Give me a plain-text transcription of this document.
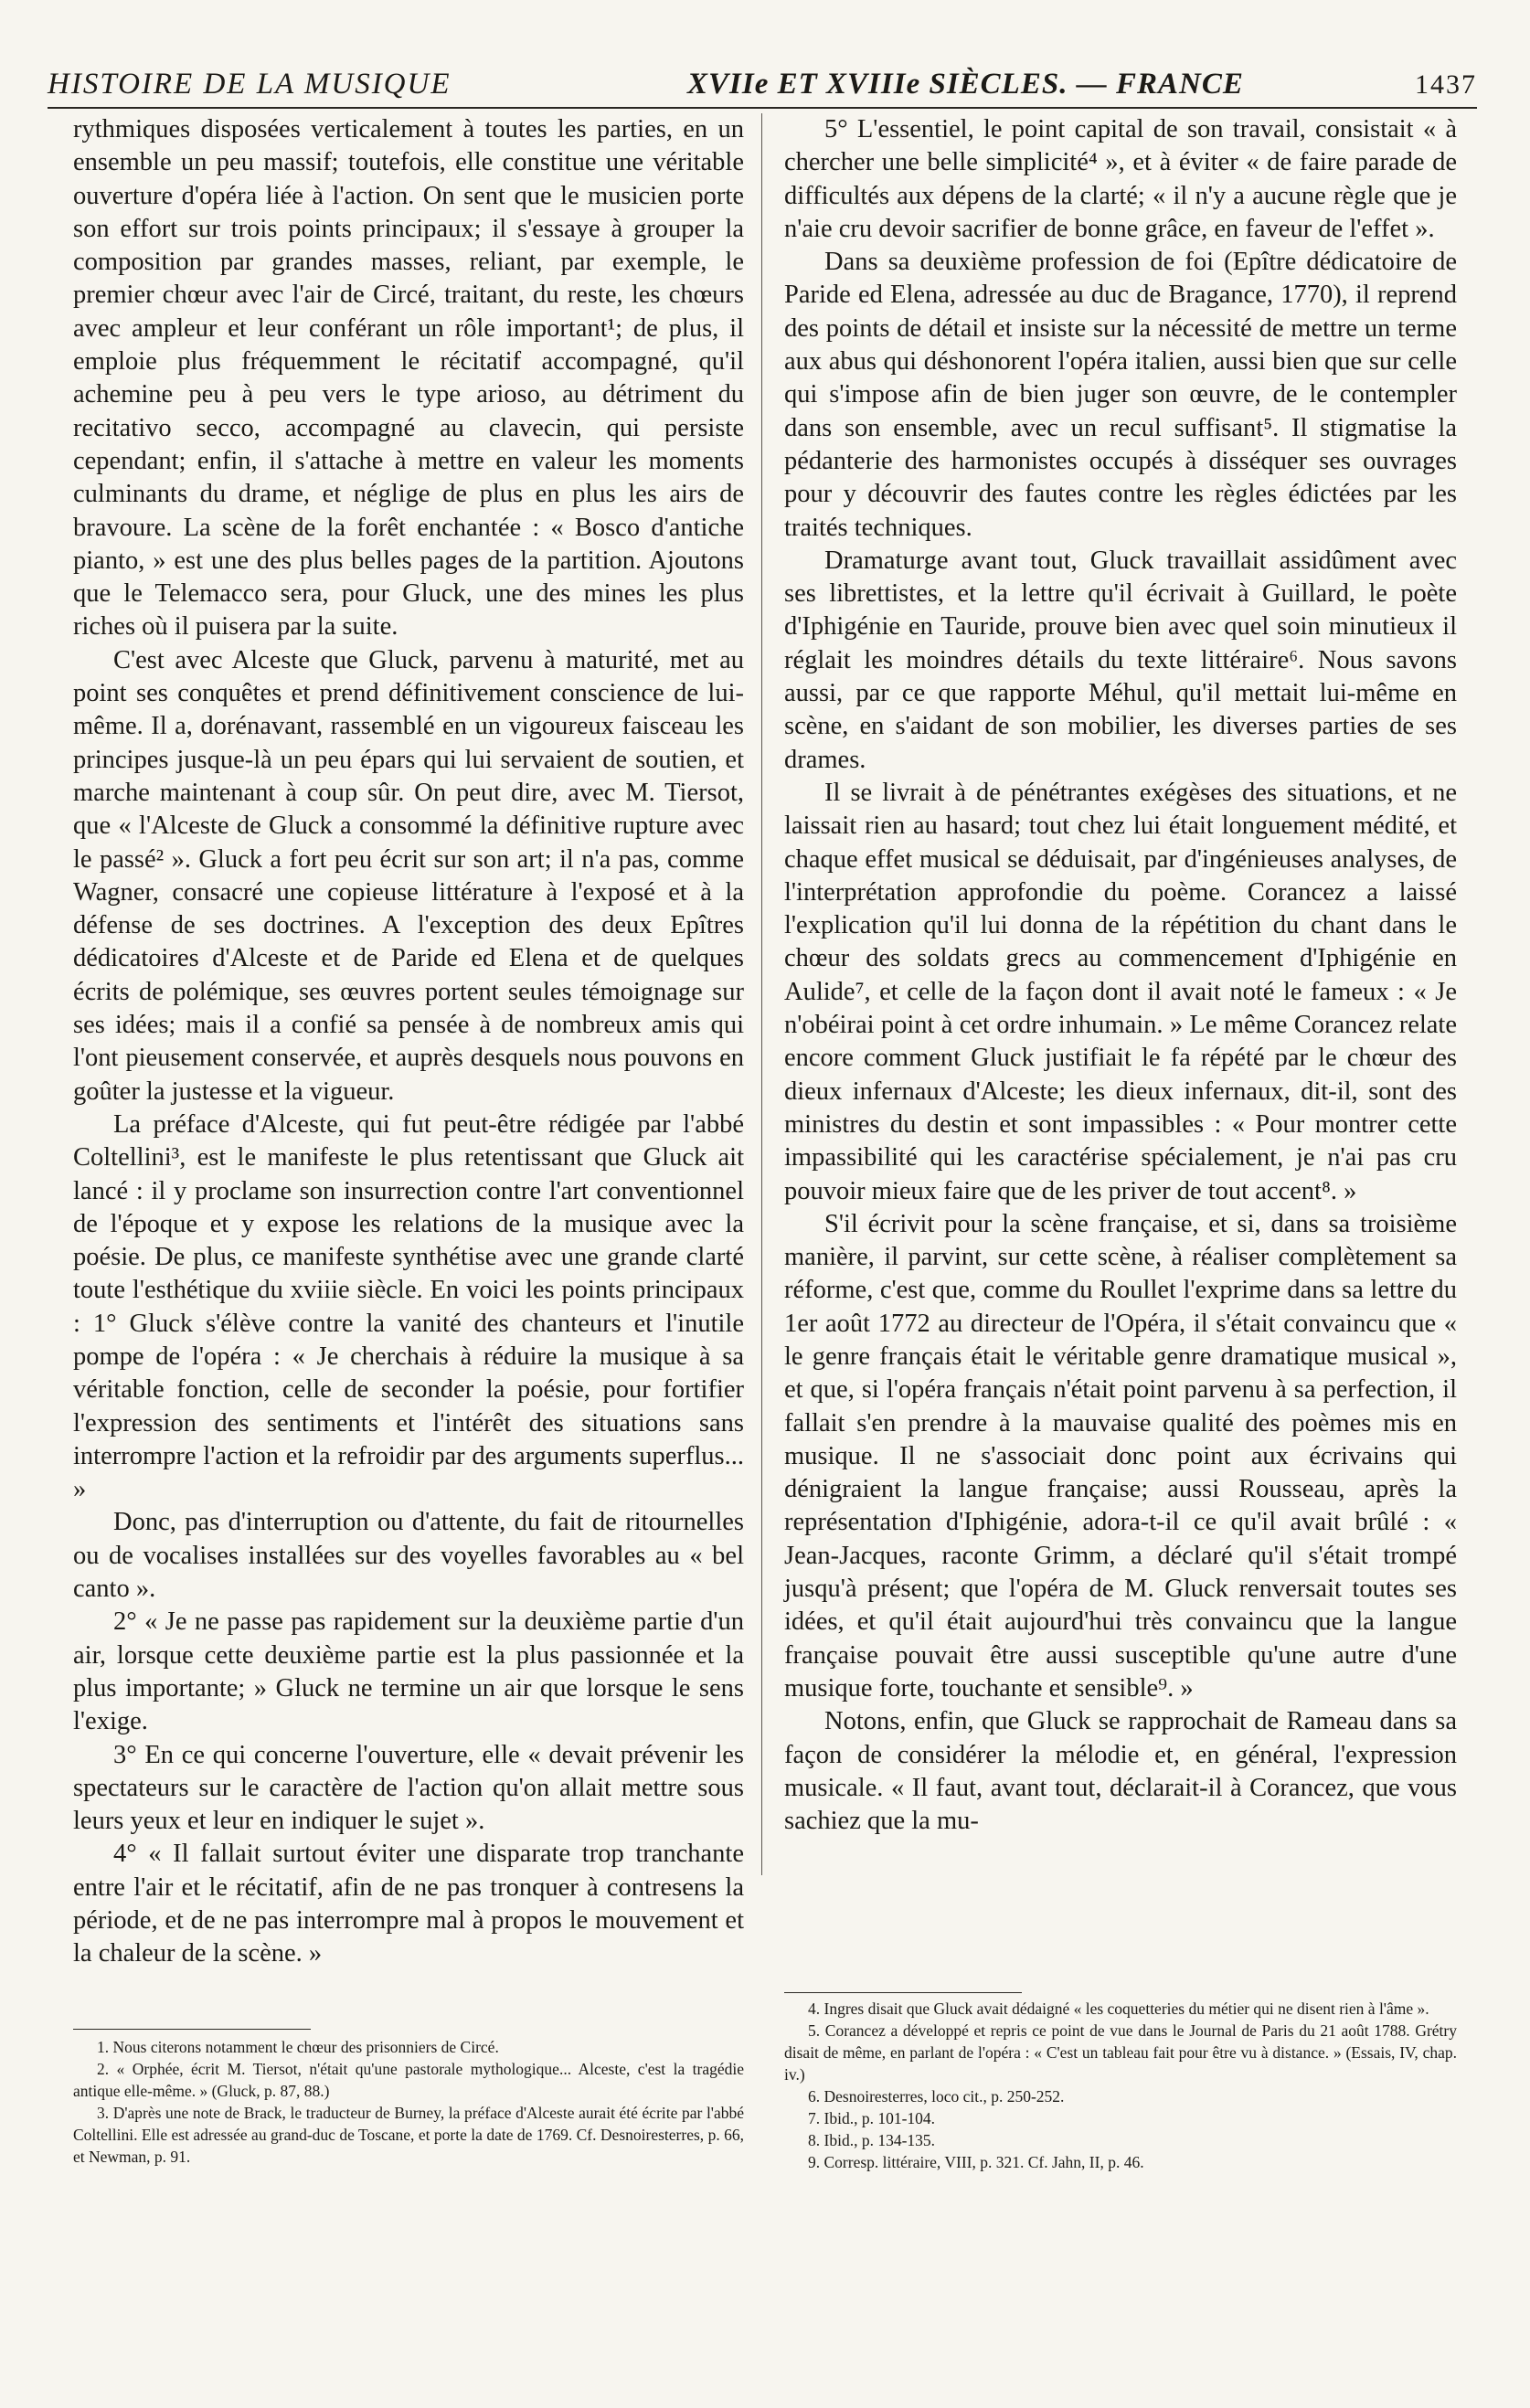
HISTOIRE DE LA MUSIQUE	XVIIe ET XVIIIe SIÈCLES. — FRANCE	1437

rythmiques disposées verticalement à toutes les parties, en un ensemble un peu massif; toutefois, elle constitue une véritable ouverture d'opéra liée à l'action. On sent que le musicien porte son effort sur trois points principaux; il s'essaye à grouper la composition par grandes masses, reliant, par exemple, le premier chœur avec l'air de Circé, traitant, du reste, les chœurs avec ampleur et leur conférant un rôle important¹; de plus, il emploie plus fréquemment le récitatif accompagné, qu'il achemine peu à peu vers le type arioso, au détriment du recitativo secco, accompagné au clavecin, qui persiste cependant; enfin, il s'attache à mettre en valeur les moments culminants du drame, et néglige de plus en plus les airs de bravoure. La scène de la forêt enchantée : « Bosco d'antiche pianto, » est une des plus belles pages de la partition. Ajoutons que le Telemacco sera, pour Gluck, une des mines les plus riches où il puisera par la suite.

C'est avec Alceste que Gluck, parvenu à maturité, met au point ses conquêtes et prend définitivement conscience de lui-même. Il a, dorénavant, rassemblé en un vigoureux faisceau les principes jusque-là un peu épars qui lui servaient de soutien, et marche maintenant à coup sûr. On peut dire, avec M. Tiersot, que « l'Alceste de Gluck a consommé la définitive rupture avec le passé² ». Gluck a fort peu écrit sur son art; il n'a pas, comme Wagner, consacré une copieuse littérature à l'exposé et à la défense de ses doctrines. A l'exception des deux Epîtres dédicatoires d'Alceste et de Paride ed Elena et de quelques écrits de polémique, ses œuvres portent seules témoignage sur ses idées; mais il a confié sa pensée à de nombreux amis qui l'ont pieusement conservée, et auprès desquels nous pouvons en goûter la justesse et la vigueur.

La préface d'Alceste, qui fut peut-être rédigée par l'abbé Coltellini³, est le manifeste le plus retentissant que Gluck ait lancé : il y proclame son insurrection contre l'art conventionnel de l'époque et y expose les relations de la musique avec la poésie. De plus, ce manifeste synthétise avec une grande clarté toute l'esthétique du xviiie siècle. En voici les points principaux : 1° Gluck s'élève contre la vanité des chanteurs et l'inutile pompe de l'opéra : « Je cherchais à réduire la musique à sa véritable fonction, celle de seconder la poésie, pour fortifier l'expression des sentiments et l'intérêt des situations sans interrompre l'action et la refroidir par des arguments superflus... »

Donc, pas d'interruption ou d'attente, du fait de ritournelles ou de vocalises installées sur des voyelles favorables au « bel canto ».

2° « Je ne passe pas rapidement sur la deuxième partie d'un air, lorsque cette deuxième partie est la plus passionnée et la plus importante; » Gluck ne termine un air que lorsque le sens l'exige.

3° En ce qui concerne l'ouverture, elle « devait prévenir les spectateurs sur le caractère de l'action qu'on allait mettre sous leurs yeux et leur en indiquer le sujet ».

4° « Il fallait surtout éviter une disparate trop tranchante entre l'air et le récitatif, afin de ne pas tronquer à contresens la période, et de ne pas interrompre mal à propos le mouvement et la chaleur de la scène. »

5° L'essentiel, le point capital de son travail, consistait « à chercher une belle simplicité⁴ », et à éviter « de faire parade de difficultés aux dépens de la clarté; « il n'y a aucune règle que je n'aie cru devoir sacrifier de bonne grâce, en faveur de l'effet ».

Dans sa deuxième profession de foi (Epître dédicatoire de Paride ed Elena, adressée au duc de Bragance, 1770), il reprend des points de détail et insiste sur la nécessité de mettre un terme aux abus qui déshonorent l'opéra italien, aussi bien que sur celle qui s'impose afin de bien juger son œuvre, de le contempler dans son ensemble, avec un recul suffisant⁵. Il stigmatise la pédanterie des harmonistes occupés à disséquer ses ouvrages pour y découvrir des fautes contre les règles édictées par les traités techniques.

Dramaturge avant tout, Gluck travaillait assidûment avec ses librettistes, et la lettre qu'il écrivait à Guillard, le poète d'Iphigénie en Tauride, prouve bien avec quel soin minutieux il réglait les moindres détails du texte littéraire⁶. Nous savons aussi, par ce que rapporte Méhul, qu'il mettait lui-même en scène, en s'aidant de son mobilier, les diverses parties de ses drames.

Il se livrait à de pénétrantes exégèses des situations, et ne laissait rien au hasard; tout chez lui était longuement médité, et chaque effet musical se déduisait, par d'ingénieuses analyses, de l'interprétation approfondie du poème. Corancez a laissé l'explication qu'il lui donna de la répétition du chant dans le chœur des soldats grecs au commencement d'Iphigénie en Aulide⁷, et celle de la façon dont il avait noté le fameux : « Je n'obéirai point à cet ordre inhumain. » Le même Corancez relate encore comment Gluck justifiait le fa répété par le chœur des dieux infernaux d'Alceste; les dieux infernaux, dit-il, sont des ministres du destin et sont impassibles : « Pour montrer cette impassibilité qui les caractérise spécialement, je n'ai pas cru pouvoir mieux faire que de les priver de tout accent⁸. »

S'il écrivit pour la scène française, et si, dans sa troisième manière, il parvint, sur cette scène, à réaliser complètement sa réforme, c'est que, comme du Roullet l'exprime dans sa lettre du 1er août 1772 au directeur de l'Opéra, il s'était convaincu que « le genre français était le véritable genre dramatique musical », et que, si l'opéra français n'était point parvenu à sa perfection, il fallait s'en prendre à la mauvaise qualité des poèmes mis en musique. Il ne s'associait donc point aux écrivains qui dénigraient la langue française; aussi Rousseau, après la représentation d'Iphigénie, adora-t-il ce qu'il avait brûlé : « Jean-Jacques, raconte Grimm, a déclaré qu'il s'était trompé jusqu'à présent; que l'opéra de M. Gluck renversait toutes ses idées, et qu'il était aujourd'hui très convaincu que la langue française pouvait être aussi susceptible qu'une autre d'une musique forte, touchante et sensible⁹. »

Notons, enfin, que Gluck se rapprochait de Rameau dans sa façon de considérer la mélodie et, en général, l'expression musicale. « Il faut, avant tout, déclarait-il à Corancez, que vous sachiez que la mu-

1. Nous citerons notamment le chœur des prisonniers de Circé.

2. « Orphée, écrit M. Tiersot, n'était qu'une pastorale mythologique... Alceste, c'est la tragédie antique elle-même. » (Gluck, p. 87, 88.)

3. D'après une note de Brack, le traducteur de Burney, la préface d'Alceste aurait été écrite par l'abbé Coltellini. Elle est adressée au grand-duc de Toscane, et porte la date de 1769. Cf. Desnoiresterres, p. 66, et Newman, p. 91.

4. Ingres disait que Gluck avait dédaigné « les coquetteries du métier qui ne disent rien à l'âme ».

5. Corancez a développé et repris ce point de vue dans le Journal de Paris du 21 août 1788. Grétry disait de même, en parlant de l'opéra : « C'est un tableau fait pour être vu à distance. » (Essais, IV, chap. iv.)

6. Desnoiresterres, loco cit., p. 250-252.

7. Ibid., p. 101-104.

8. Ibid., p. 134-135.

9. Corresp. littéraire, VIII, p. 321. Cf. Jahn, II, p. 46.
